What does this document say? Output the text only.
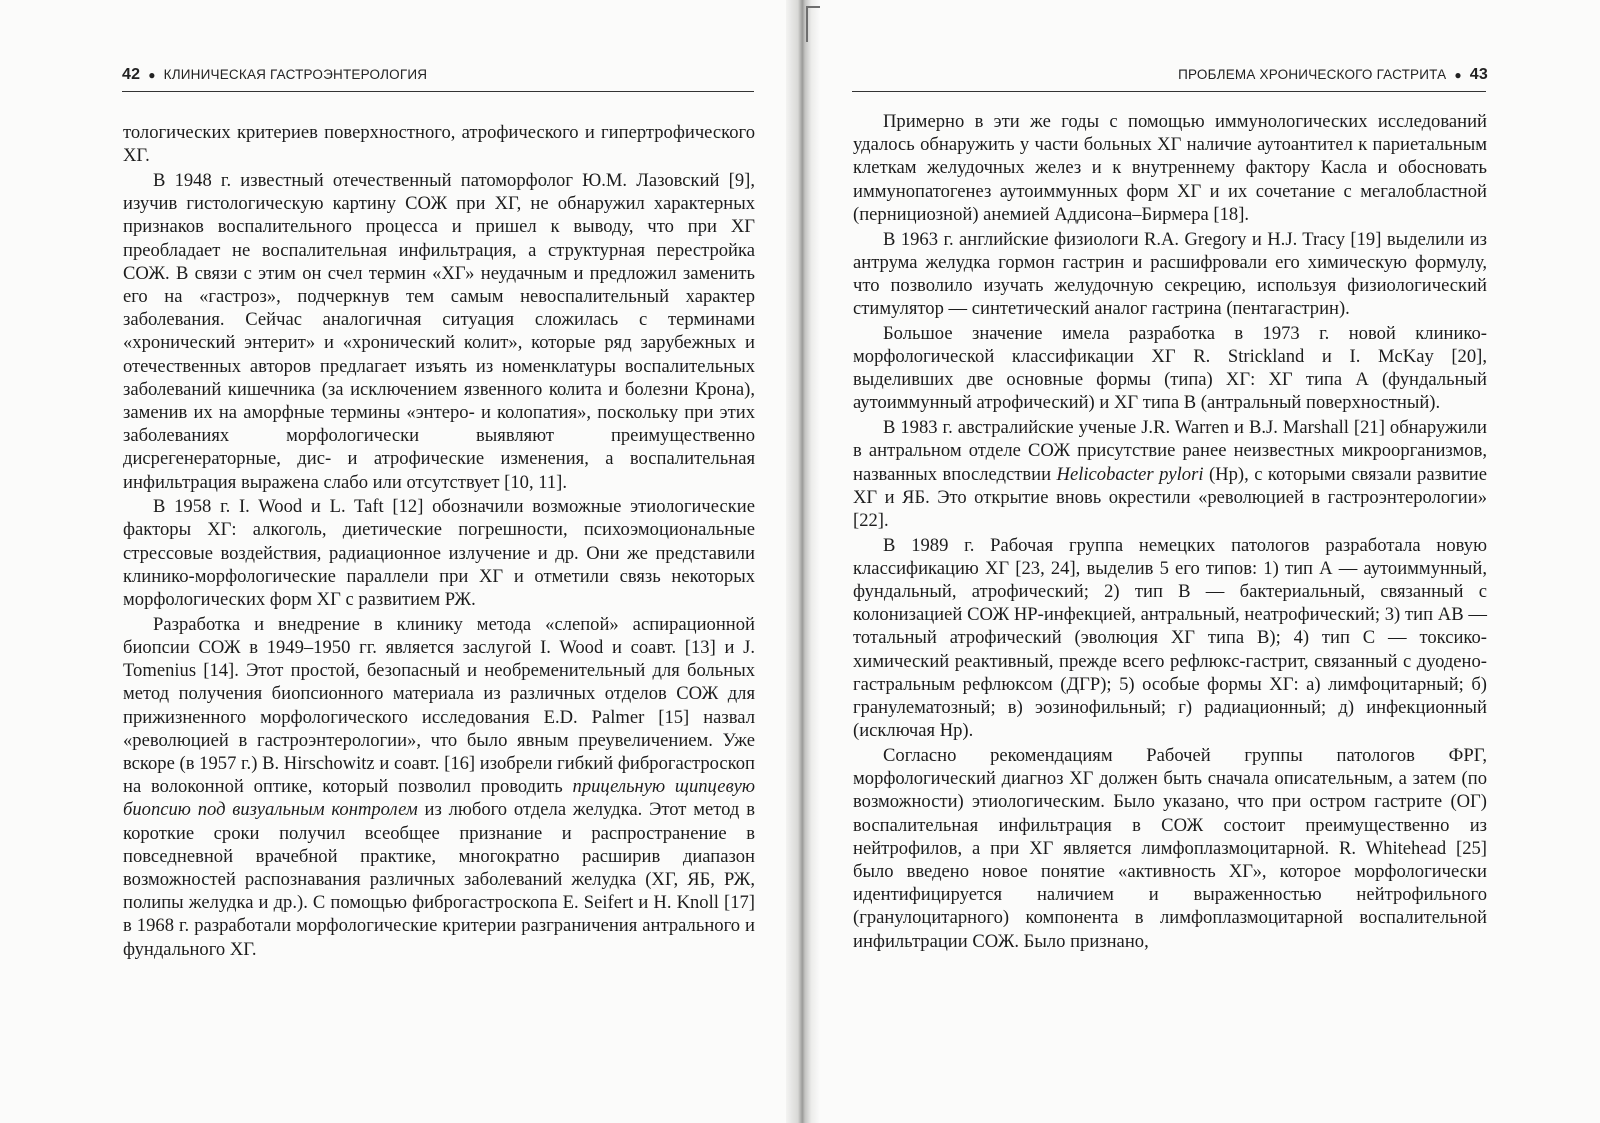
42 ● КЛИНИЧЕСКАЯ ГАСТРОЭНТЕРОЛОГИЯ	ПРОБЛЕМА ХРОНИЧЕСКОГО ГАСТРИТА ● 43

тологических критериев поверхностного, атрофического и гипертрофического ХГ.

В 1948 г. известный отечественный патоморфолог Ю.М. Лазовский [9], изучив гистологическую картину СОЖ при ХГ, не обнаружил характерных признаков воспалительного процесса и пришел к выводу, что при ХГ преобладает не воспалительная инфильтрация, а структурная перестройка СОЖ. В связи с этим он счел термин «ХГ» неудачным и предложил заменить его на «гастроз», подчеркнув тем самым невоспалительный характер заболевания. Сейчас аналогичная ситуация сложилась с терминами «хронический энтерит» и «хронический колит», которые ряд зарубежных и отечественных авторов предлагает изъять из номенклатуры воспалительных заболеваний кишечника (за исключением язвенного колита и болезни Крона), заменив их на аморфные термины «энтеро- и колопатия», поскольку при этих заболеваниях морфологически выявляют преимущественно дисрегенераторные, дис- и атрофические изменения, а воспалительная инфильтрация выражена слабо или отсутствует [10, 11].

В 1958 г. I. Wood и L. Taft [12] обозначили возможные этиологические факторы ХГ: алкоголь, диетические погрешности, психоэмоциональные стрессовые воздействия, радиационное излучение и др. Они же представили клинико-морфологические параллели при ХГ и отметили связь некоторых морфологических форм ХГ с развитием РЖ.

Разработка и внедрение в клинику метода «слепой» аспирационной биопсии СОЖ в 1949–1950 гг. является заслугой I. Wood и соавт. [13] и J. Tomenius [14]. Этот простой, безопасный и необременительный для больных метод получения биопсионного материала из различных отделов СОЖ для прижизненного морфологического исследования E.D. Palmer [15] назвал «революцией в гастроэнтерологии», что было явным преувеличением. Уже вскоре (в 1957 г.) B. Hirschowitz и соавт. [16] изобрели гибкий фиброгастроскоп на волоконной оптике, который позволил проводить прицельную щипцевую биопсию под визуальным контролем из любого отдела желудка. Этот метод в короткие сроки получил всеобщее признание и распространение в повседневной врачебной практике, многократно расширив диапазон возможностей распознавания различных заболеваний желудка (ХГ, ЯБ, РЖ, полипы желудка и др.). С помощью фиброгастроскопа E. Seifert и H. Knoll [17] в 1968 г. разработали морфологические критерии разграничения антрального и фундального ХГ.

Примерно в эти же годы с помощью иммунологических исследований удалось обнаружить у части больных ХГ наличие аутоантител к париетальным клеткам желудочных желез и к внутреннему фактору Касла и обосновать иммунопатогенез аутоиммунных форм ХГ и их сочетание с мегалобластной (пернициозной) анемией Аддисона–Бирмера [18].

В 1963 г. английские физиологи R.A. Gregory и H.J. Tracy [19] выделили из антрума желудка гормон гастрин и расшифровали его химическую формулу, что позволило изучать желудочную секрецию, используя физиологический стимулятор — синтетический аналог гастрина (пентагастрин).

Большое значение имела разработка в 1973 г. новой клинико-морфологической классификации ХГ R. Strickland и I. McKay [20], выделивших две основные формы (типа) ХГ: ХГ типа А (фундальный аутоиммунный атрофический) и ХГ типа В (антральный поверхностный).

В 1983 г. австралийские ученые J.R. Warren и B.J. Marshall [21] обнаружили в антральном отделе СОЖ присутствие ранее неизвестных микроорганизмов, названных впоследствии Helicobacter pylori (Hp), с которыми связали развитие ХГ и ЯБ. Это открытие вновь окрестили «революцией в гастроэнтерологии» [22].

В 1989 г. Рабочая группа немецких патологов разработала новую классификацию ХГ [23, 24], выделив 5 его типов: 1) тип А — аутоиммунный, фундальный, атрофический; 2) тип В — бактериальный, связанный с колонизацией СОЖ HP-инфекцией, антральный, неатрофический; 3) тип АВ — тотальный атрофический (эволюция ХГ типа В); 4) тип С — токсико-химический реактивный, прежде всего рефлюкс-гастрит, связанный с дуодено-гастральным рефлюксом (ДГР); 5) особые формы ХГ: а) лимфоцитарный; б) гранулематозный; в) эозинофильный; г) радиационный; д) инфекционный (исключая Hp).

Согласно рекомендациям Рабочей группы патологов ФРГ, морфологический диагноз ХГ должен быть сначала описательным, а затем (по возможности) этиологическим. Было указано, что при остром гастрите (ОГ) воспалительная инфильтрация в СОЖ состоит преимущественно из нейтрофилов, а при ХГ является лимфоплазмоцитарной. R. Whitehead [25] было введено новое понятие «активность ХГ», которое морфологически идентифицируется наличием и выраженностью нейтрофильного (гранулоцитарного) компонента в лимфоплазмоцитарной воспалительной инфильтрации СОЖ. Было признано,
